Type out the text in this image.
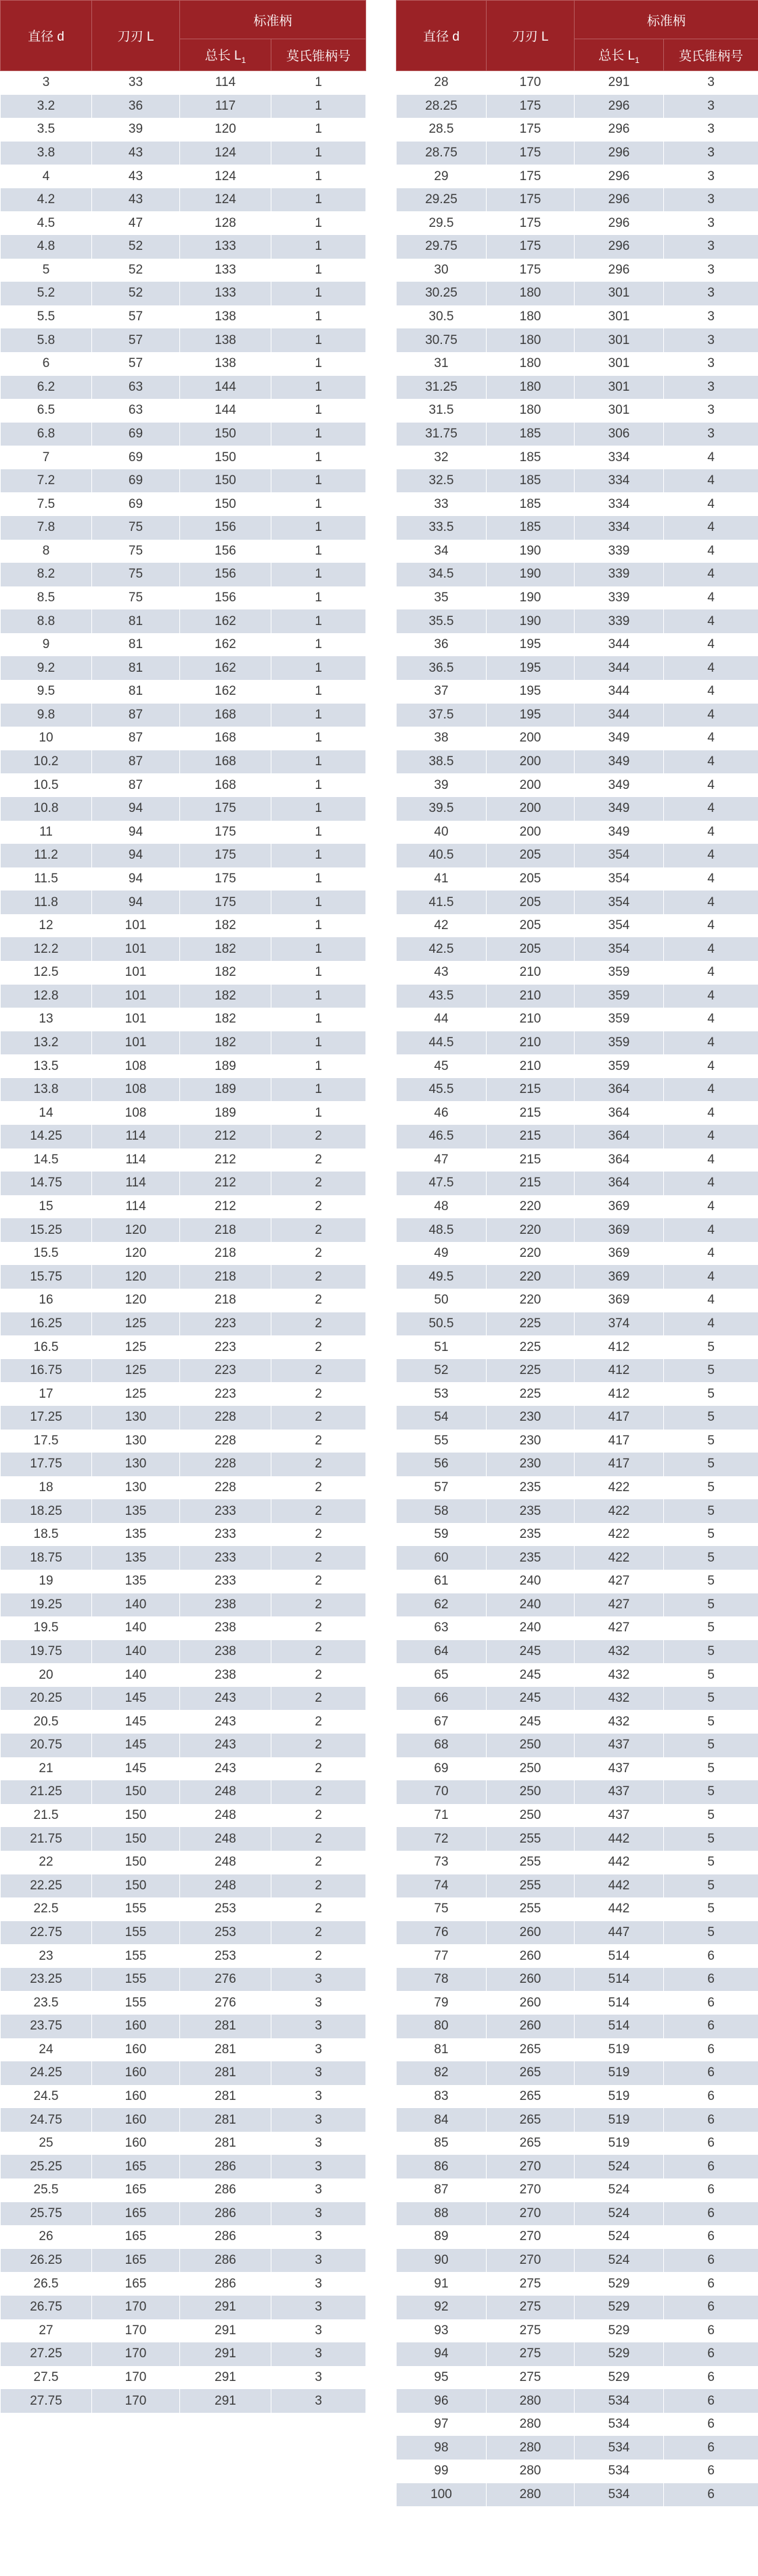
直径 d	刀刃 L	标准柄	
		总长 $L_1$	莫氏锥柄号
3	33	114	1
3.2	36	117	1
3.5	39	120	1
3.8	43	124	1
4	43	124	1
4.2	43	124	1
4.5	47	128	1
4.8	52	133	1
5	52	133	1
5.2	52	133	1
5.5	57	138	1
5.8	57	138	1
6	57	138	1
6.2	63	144	1
6.5	63	144	1
6.8	69	150	1
7	69	150	1
7.2	69	150	1
7.5	69	150	1
7.8	75	156	1
8	75	156	1
8.2	75	156	1
8.5	75	156	1
8.8	81	162	1
9	81	162	1
9.2	81	162	1
9.5	81	162	1
9.8	87	168	1
10	87	168	1
10.2	87	168	1
10.5	87	168	1
10.8	94	175	1
11	94	175	1
11.2	94	175	1
11.5	94	175	1
11.8	94	175	1
12	101	182	1
12.2	101	182	1
12.5	101	182	1
12.8	101	182	1
13	101	182	1
13.2	101	182	1
13.5	108	189	1
13.8	108	189	1
14	108	189	1
14.25	114	212	2
14.5	114	212	2
14.75	114	212	2
15	114	212	2
15.25	120	218	2
15.5	120	218	2
15.75	120	218	2
16	120	218	2
16.25	125	223	2
16.5	125	223	2
16.75	125	223	2
17	125	223	2
17.25	130	228	2
17.5	130	228	2
17.75	130	228	2
18	130	228	2
18.25	135	233	2
18.5	135	233	2
18.75	135	233	2
19	135	233	2
19.25	140	238	2
19.5	140	238	2
19.75	140	238	2
20	140	238	2
20.25	145	243	2
20.5	145	243	2
20.75	145	243	2
21	145	243	2
21.25	150	248	2
21.5	150	248	2
21.75	150	248	2
22	150	248	2
22.25	150	248	2
22.5	155	253	2
22.75	155	253	2
23	155	253	2
23.25	155	276	3
23.5	155	276	3
23.75	160	281	3
24	160	281	3
24.25	160	281	3
24.5	160	281	3
24.75	160	281	3
25	160	281	3
25.25	165	286	3
25.5	165	286	3
25.75	165	286	3
26	165	286	3
26.25	165	286	3
26.5	165	286	3
26.75	170	291	3
27	170	291	3
27.25	170	291	3
27.5	170	291	3
27.75	170	291	3
直径 d	刀刃 L	标准柄	
		总长 $L_1$	莫氏锥柄号
28	170	291	3
28.25	175	296	3
28.5	175	296	3
28.75	175	296	3
29	175	296	3
29.25	175	296	3
29.5	175	296	3
29.75	175	296	3
30	175	296	3
30.25	180	301	3
30.5	180	301	3
30.75	180	301	3
31	180	301	3
31.25	180	301	3
31.5	180	301	3
31.75	185	306	3
32	185	334	4
32.5	185	334	4
33	185	334	4
33.5	185	334	4
34	190	339	4
34.5	190	339	4
35	190	339	4
35.5	190	339	4
36	195	344	4
36.5	195	344	4
37	195	344	4
37.5	195	344	4
38	200	349	4
38.5	200	349	4
39	200	349	4
39.5	200	349	4
40	200	349	4
40.5	205	354	4
41	205	354	4
41.5	205	354	4
42	205	354	4
42.5	205	354	4
43	210	359	4
43.5	210	359	4
44	210	359	4
44.5	210	359	4
45	210	359	4
45.5	215	364	4
46	215	364	4
46.5	215	364	4
47	215	364	4
47.5	215	364	4
48	220	369	4
48.5	220	369	4
49	220	369	4
49.5	220	369	4
50	220	369	4
50.5	225	374	4
51	225	412	5
52	225	412	5
53	225	412	5
54	230	417	5
55	230	417	5
56	230	417	5
57	235	422	5
58	235	422	5
59	235	422	5
60	235	422	5
61	240	427	5
62	240	427	5
63	240	427	5
64	245	432	5
65	245	432	5
66	245	432	5
67	245	432	5
68	250	437	5
69	250	437	5
70	250	437	5
71	250	437	5
72	255	442	5
73	255	442	5
74	255	442	5
75	255	442	5
76	260	447	5
77	260	514	6
78	260	514	6
79	260	514	6
80	260	514	6
81	265	519	6
82	265	519	6
83	265	519	6
84	265	519	6
85	265	519	6
86	270	524	6
87	270	524	6
88	270	524	6
89	270	524	6
90	270	524	6
91	275	529	6
92	275	529	6
93	275	529	6
94	275	529	6
95	275	529	6
96	280	534	6
97	280	534	6
98	280	534	6
99	280	534	6
100	280	534	6
